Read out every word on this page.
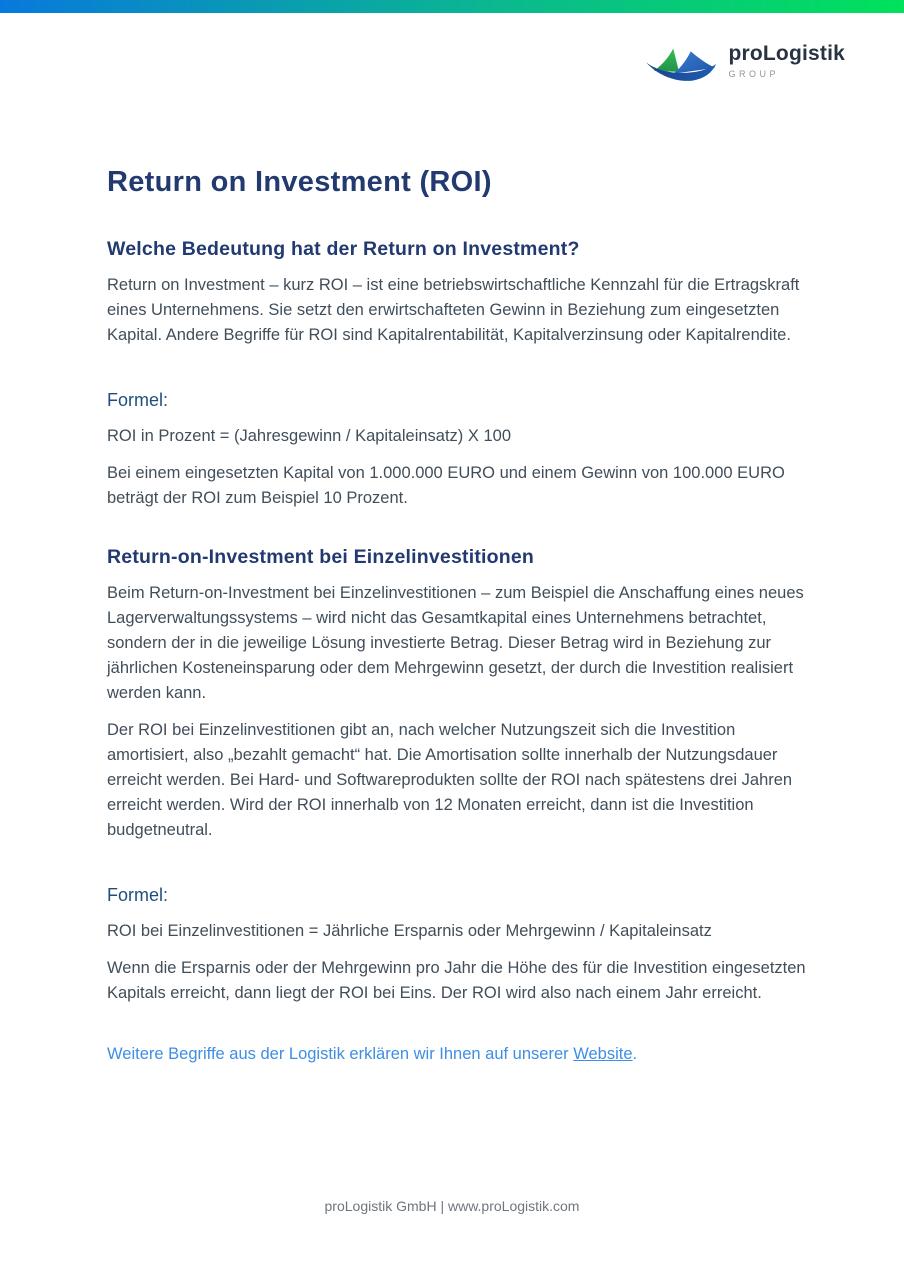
proLogistik
GROUP
Return on Investment (ROI)
Welche Bedeutung hat der Return on Investment?

Return on Investment – kurz ROI – ist eine betriebswirtschaftliche Kennzahl für die Ertragskraft eines Unternehmens. Sie setzt den erwirtschafteten Gewinn in Beziehung zum eingesetzten Kapital. Andere Begriffe für ROI sind Kapitalrentabilität, Kapitalverzinsung oder Kapitalrendite.

Formel:

ROI in Prozent = (Jahresgewinn / Kapitaleinsatz) X 100

Bei einem eingesetzten Kapital von 1.000.000 EURO und einem Gewinn von 100.000 EURO beträgt der ROI zum Beispiel 10 Prozent.

Return-on-Investment bei Einzelinvestitionen

Beim Return-on-Investment bei Einzelinvestitionen – zum Beispiel die Anschaffung eines neues Lagerverwaltungssystems – wird nicht das Gesamtkapital eines Unternehmens betrachtet, sondern der in die jeweilige Lösung investierte Betrag. Dieser Betrag wird in Beziehung zur jährlichen Kosteneinsparung oder dem Mehrgewinn gesetzt, der durch die Investition realisiert werden kann.

Der ROI bei Einzelinvestitionen gibt an, nach welcher Nutzungszeit sich die Investition amortisiert, also „bezahlt gemacht“ hat. Die Amortisation sollte innerhalb der Nutzungsdauer erreicht werden. Bei Hard- und Softwareprodukten sollte der ROI nach spätestens drei Jahren erreicht werden. Wird der ROI innerhalb von 12 Monaten erreicht, dann ist die Investition budgetneutral.

Formel:

ROI bei Einzelinvestitionen = Jährliche Ersparnis oder Mehrgewinn / Kapitaleinsatz

Wenn die Ersparnis oder der Mehrgewinn pro Jahr die Höhe des für die Investition eingesetzten Kapitals erreicht, dann liegt der ROI bei Eins. Der ROI wird also nach einem Jahr erreicht.

Weitere Begriffe aus der Logistik erklären wir Ihnen auf unserer Website.

proLogistik GmbH | www.proLogistik.com
